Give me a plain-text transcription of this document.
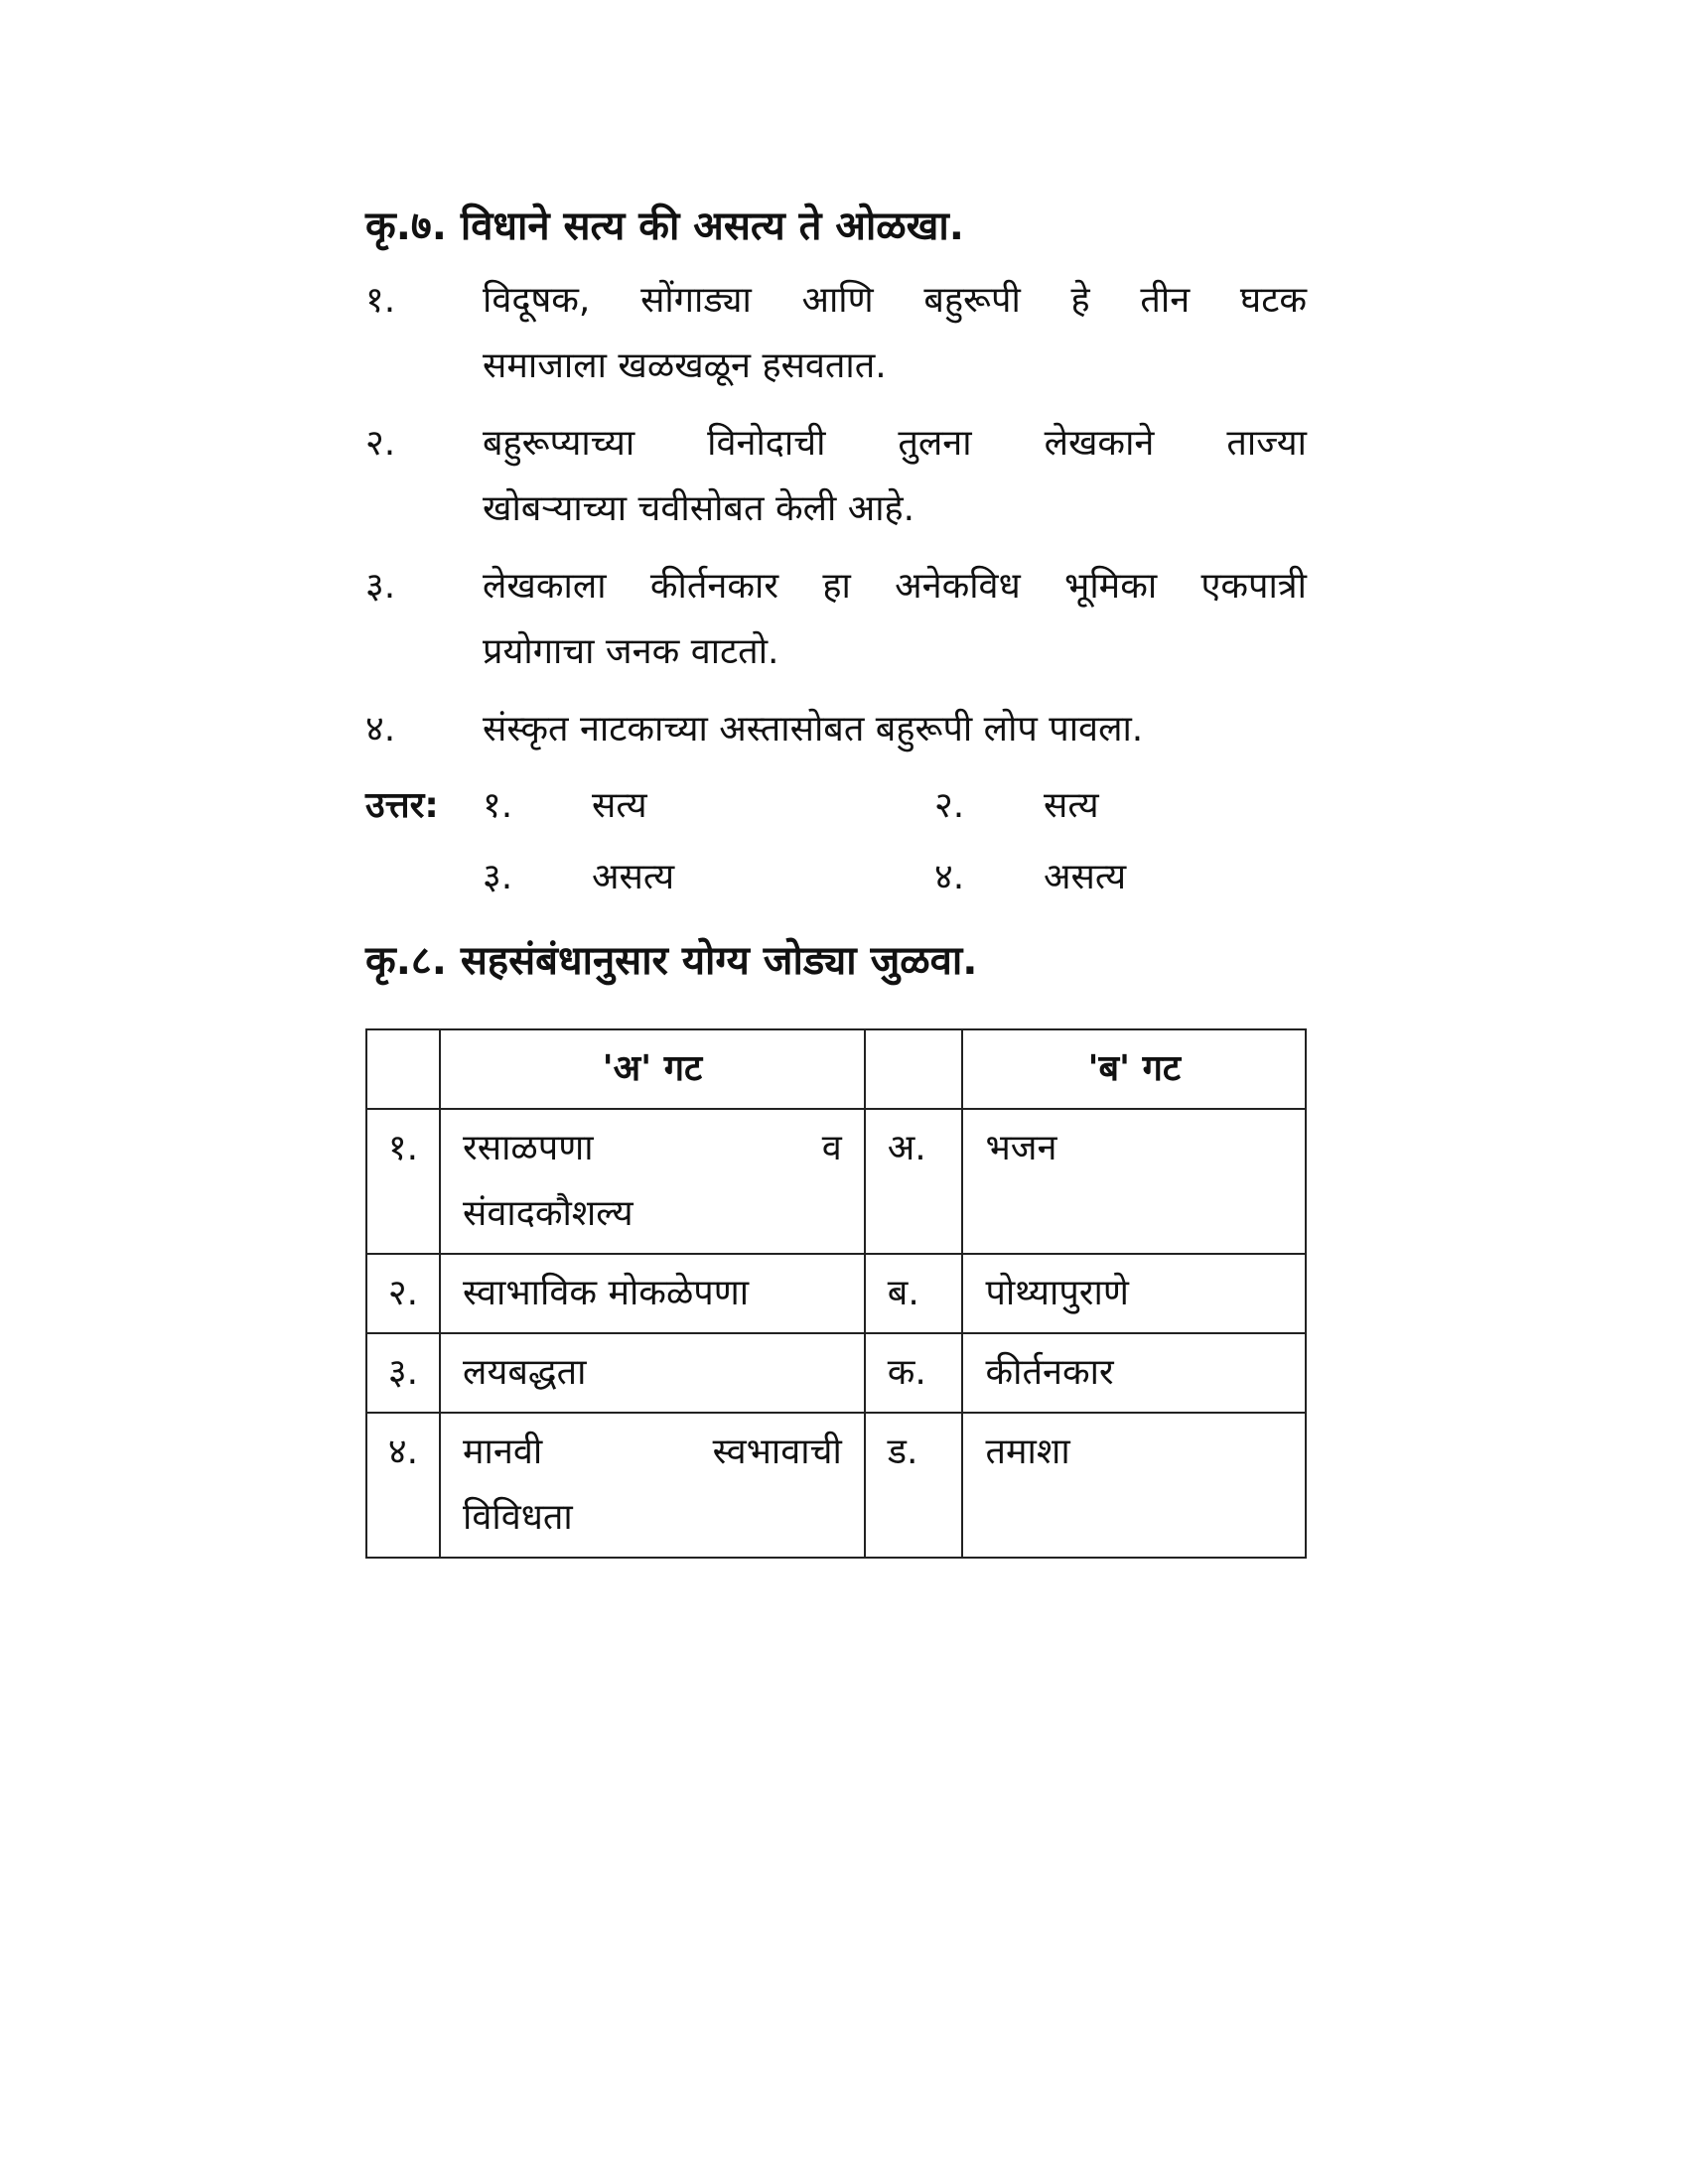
कृ.७. विधाने सत्य की असत्य ते ओळखा.
१.	विदूषक, सोंगाड्या आणि बहुरूपी हे तीन घटक
समाजाला खळखळून हसवतात.
२.	बहुरूप्याच्या विनोदाची तुलना लेखकाने ताज्या
खोबऱ्याच्या चवीसोबत केली आहे.
३.	लेखकाला कीर्तनकार हा अनेकविध भूमिका एकपात्री
प्रयोगाचा जनक वाटतो.
४.	संस्कृत नाटकाच्या अस्तासोबत बहुरूपी लोप पावला.
उत्तर:	१.	सत्य	२.	सत्य
३.	असत्य	४.	असत्य
कृ.८. सहसंबंधानुसार योग्य जोड्या जुळवा.
	'अ' गट		'ब' गट
१.	रसाळपणा व
संवादकौशल्य	अ.	भजन
२.	स्वाभाविक मोकळेपणा	ब.	पोथ्यापुराणे
३.	लयबद्धता	क.	कीर्तनकार
४.	मानवी स्वभावाची
विविधता	ड.	तमाशा
